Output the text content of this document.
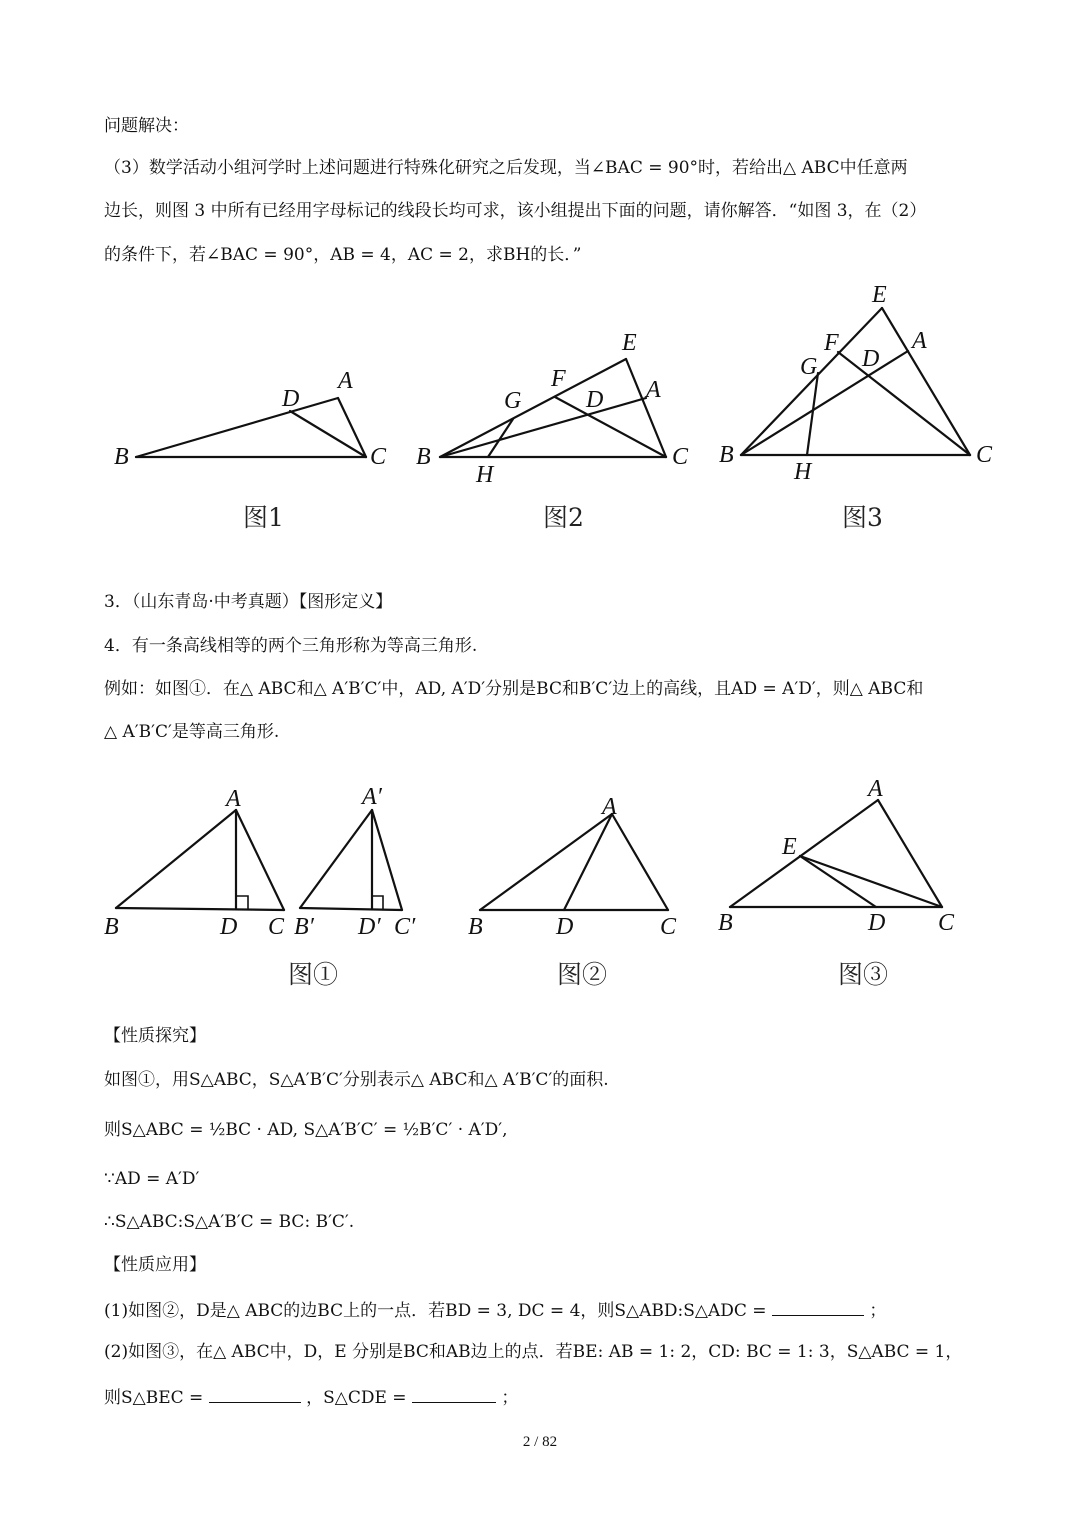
问题解决：
（3）数学活动小组河学时上述问题进行特殊化研究之后发现，当∠BAC = 90°时，若给出△ ABC中任意两
边长，则图 3 中所有已经用字母标记的线段长均可求，该小组提出下面的问题，请你解答．“如图 3，在（2）
的条件下，若∠BAC = 90°，AB = 4，AC = 2，求BH的长．”
B
D
A
C B
H
G
F
E
D A
C
E
F
G D
A
B
H
C
图1	图2	图3
3．（山东青岛·中考真题）【图形定义】
4．有一条高线相等的两个三角形称为等高三角形.
例如：如图①．在△ ABC和△ A′B′C′中，AD, A′D′分别是BC和B′C′边上的高线，且AD = A′D′，则△ ABC和
△ A′B′C′是等高三角形.
A
B	D C
A′
B′ D′ C′
A
B	D	C
A
E
B	D C
图①	图②	图③
【性质探究】
如图①，用S△ABC，S△A′B′C′分别表示△ ABC和△ A′B′C′的面积.
则S△ABC = ½BC · AD, S△A′B′C′ = ½B′C′ · A′D′,
∵AD = A′D′
∴S△ABC:S△A′B′C = BC: B′C′.
【性质应用】
(1)如图②，D是△ ABC的边BC上的一点．若BD = 3, DC = 4，则S△ABD:S△ADC =	；
(2)如图③，在△ ABC中，D，E 分别是BC和AB边上的点．若BE: AB = 1: 2，CD: BC = 1: 3，S△ABC = 1，
则S△BEC =	，S△CDE =	；
2 / 82
